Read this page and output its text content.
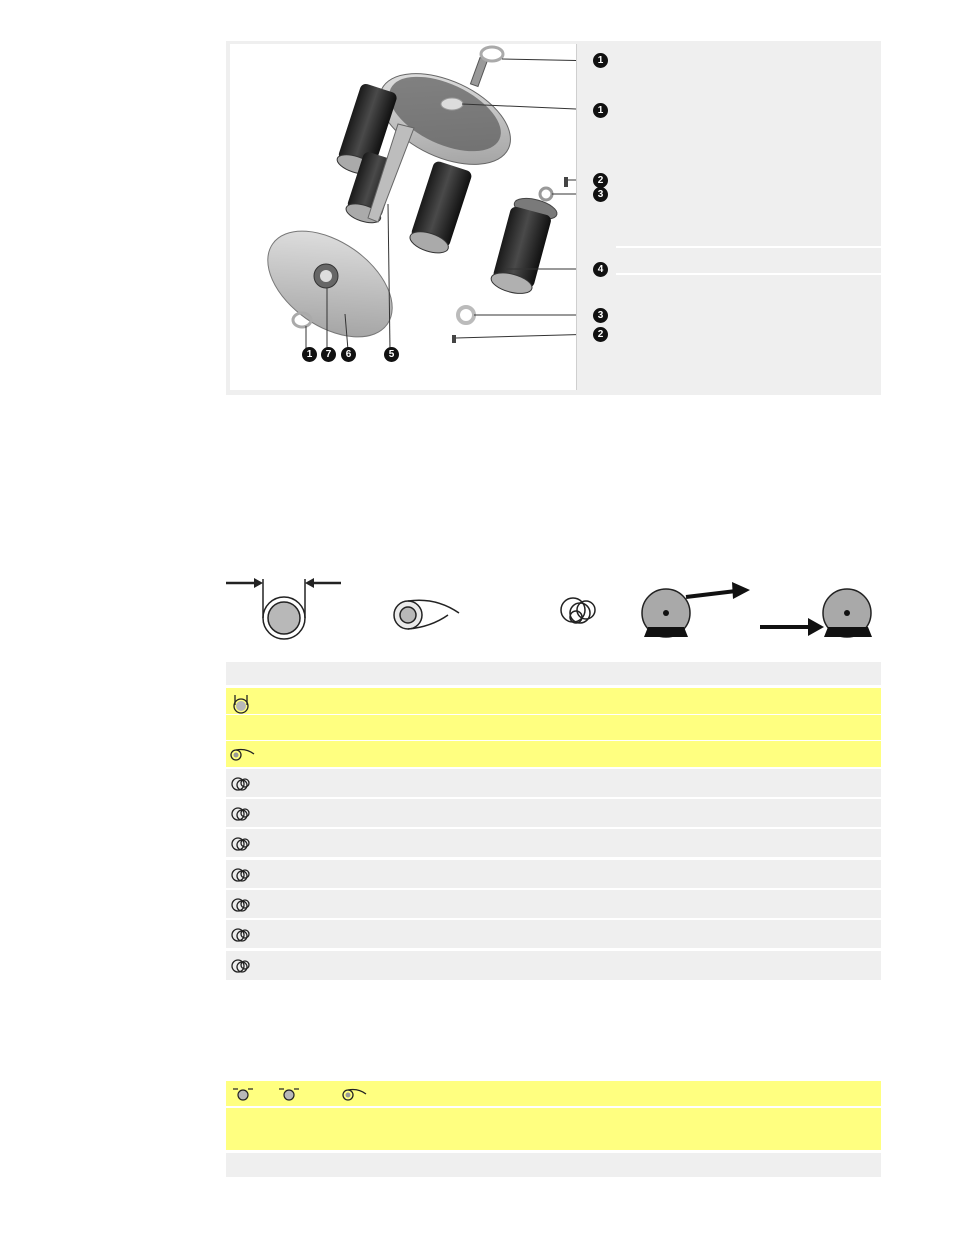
1
1
2
3
4
3
2
1	7	6	5
